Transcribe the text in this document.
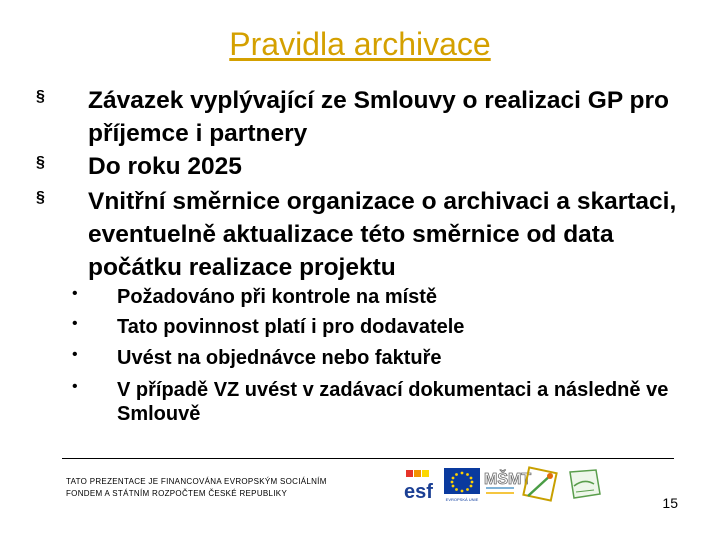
Pravidla archivace
§ Závazek vyplývající ze Smlouvy o realizaci GP pro příjemce i partnery
§ Do roku 2025
§ Vnitřní směrnice organizace o archivaci a skartaci, eventuelně aktualizace této směrnice od data počátku realizace projektu
• Požadováno při kontrole na místě
• Tato povinnost platí i pro dodavatele
• Uvést na objednávce nebo faktuře
• V případě VZ uvést v zadávací dokumentaci a následně ve Smlouvě
TATO PREZENTACE JE FINANCOVÁNA EVROPSKÝM SOCIÁLNÍM
FONDEM A STÁTNÍM ROZPOČTEM ČESKÉ REPUBLIKY	esf	EVROPSKÁ UNIE
MŠMT
15
